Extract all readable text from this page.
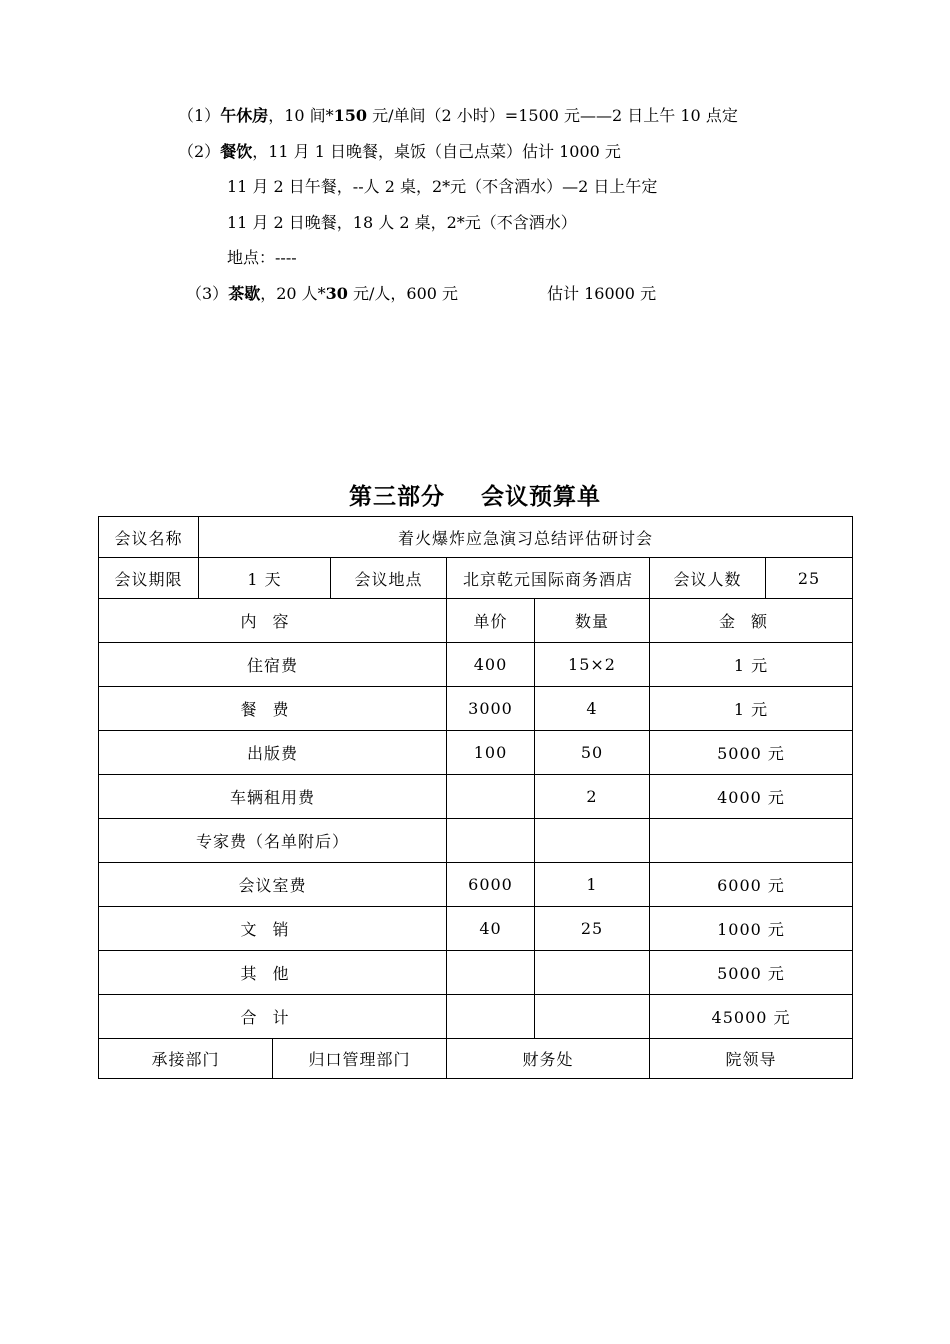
（1）午休房，10 间*150 元/单间（2 小时）=1500 元——2 日上午 10 点定
（2）餐饮，11 月 1 日晚餐，桌饭（自己点菜）估计 1000 元
11 月 2 日午餐，--人 2 桌，2*元（不含酒水）—2 日上午定
11 月 2 日晚餐，18 人 2 桌，2*元（不含酒水）
地点：----
（3）茶歇，20 人*30 元/人，600 元	估计 16000 元
第三部分    会议预算单
会议名称	着火爆炸应急演习总结评估研讨会						
会议期限	1 天		会议地点	北京乾元国际商务酒店		会议人数	25
内容				单价	数量	金额	
住宿费				400	15×2	1 元	
餐费				3000	4	1 元	
出版费				100	50	5000 元	
车辆租用费					2	4000 元	
专家费（名单附后）							
会议室费				6000	1	6000 元	
文销				40	25	1000 元	
其他						5000 元	
合计						45000 元	
承接部门		归口管理部门		财务处		院领导	
